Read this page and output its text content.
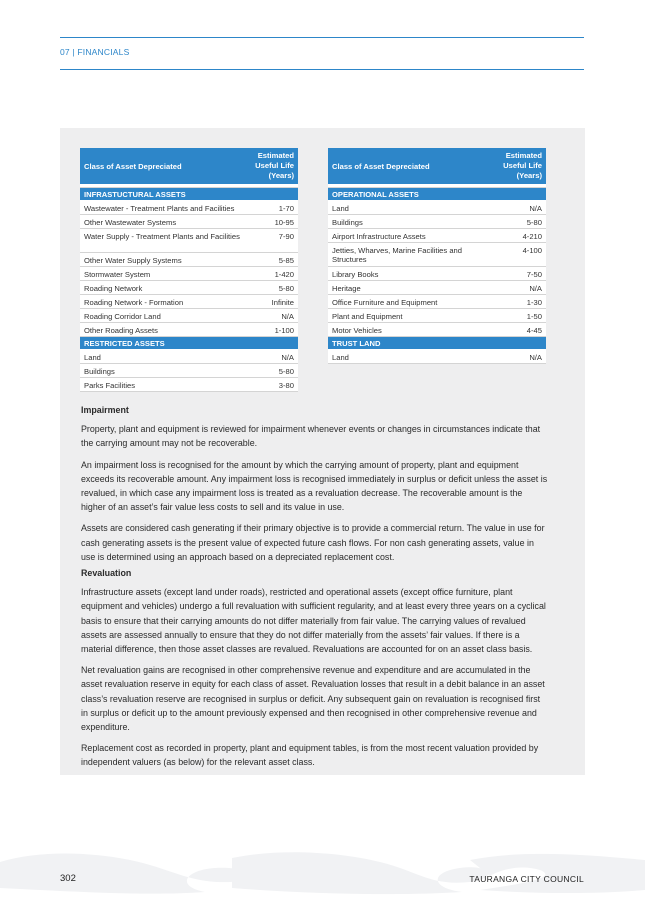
07 | FINANCIALS
Class of Asset Depreciated	Estimated
Useful Life
(Years)

INFRASTUCTURAL ASSETS	
Wastewater - Treatment Plants and Facilities	1-70
Other Wastewater Systems	10-95
Water Supply - Treatment Plants and Facilities	7-90
Other Water Supply Systems	5-85
Stormwater System	1-420
Roading Network	5-80
Roading Network - Formation	Infinite
Roading Corridor Land	N/A
Other Roading Assets	1-100
RESTRICTED ASSETS	
Land	N/A
Buildings	5-80
Parks Facilities	3-80
Class of Asset Depreciated	Estimated
Useful Life
(Years)

OPERATIONAL ASSETS	
Land	N/A
Buildings	5-80
Airport Infrastructure Assets	4-210
Jetties, Wharves, Marine Facilities and Structures	4-100
Library Books	7-50
Heritage	N/A
Office Furniture and Equipment	1-30
Plant and Equipment	1-50
Motor Vehicles	4-45
TRUST LAND	
Land	N/A
Impairment

Property, plant and equipment is reviewed for impairment whenever events or changes in circumstances indicate that the carrying amount may not be recoverable.

An impairment loss is recognised for the amount by which the carrying amount of property, plant and equipment exceeds its recoverable amount. Any impairment loss is recognised immediately in surplus or deficit unless the asset is revalued, in which case any impairment loss is treated as a revaluation decrease. The recoverable amount is the higher of an asset’s fair value less costs to sell and its value in use.

Assets are considered cash generating if their primary objective is to provide a commercial return. The value in use for cash generating assets is the present value of expected future cash flows. For non cash generating assets, value in use is determined using an approach based on a depreciated replacement cost.

Revaluation

Infrastructure assets (except land under roads), restricted and operational assets (except office furniture, plant equipment and vehicles) undergo a full revaluation with sufficient regularity, and at least every three years on a cyclical basis to ensure that their carrying amounts do not differ materially from fair value. The carrying values of revalued assets are assessed annually to ensure that they do not differ materially from the assets’ fair values. If there is a material difference, then those asset classes are revalued. Revaluations are accounted for on an asset class basis.

Net revaluation gains are recognised in other comprehensive revenue and expenditure and are accumulated in the asset revaluation reserve in equity for each class of asset. Revaluation losses that result in a debit balance in an asset class’s revaluation reserve are recognised in surplus or deficit. Any subsequent gain on revaluation is recognised first in surplus or deficit up to the amount previously expensed and then recognised in other comprehensive revenue and expenditure.

Replacement cost as recorded in property, plant and equipment tables, is from the most recent valuation provided by independent valuers (as below) for the relevant asset class.

302	TAURANGA CITY COUNCIL
